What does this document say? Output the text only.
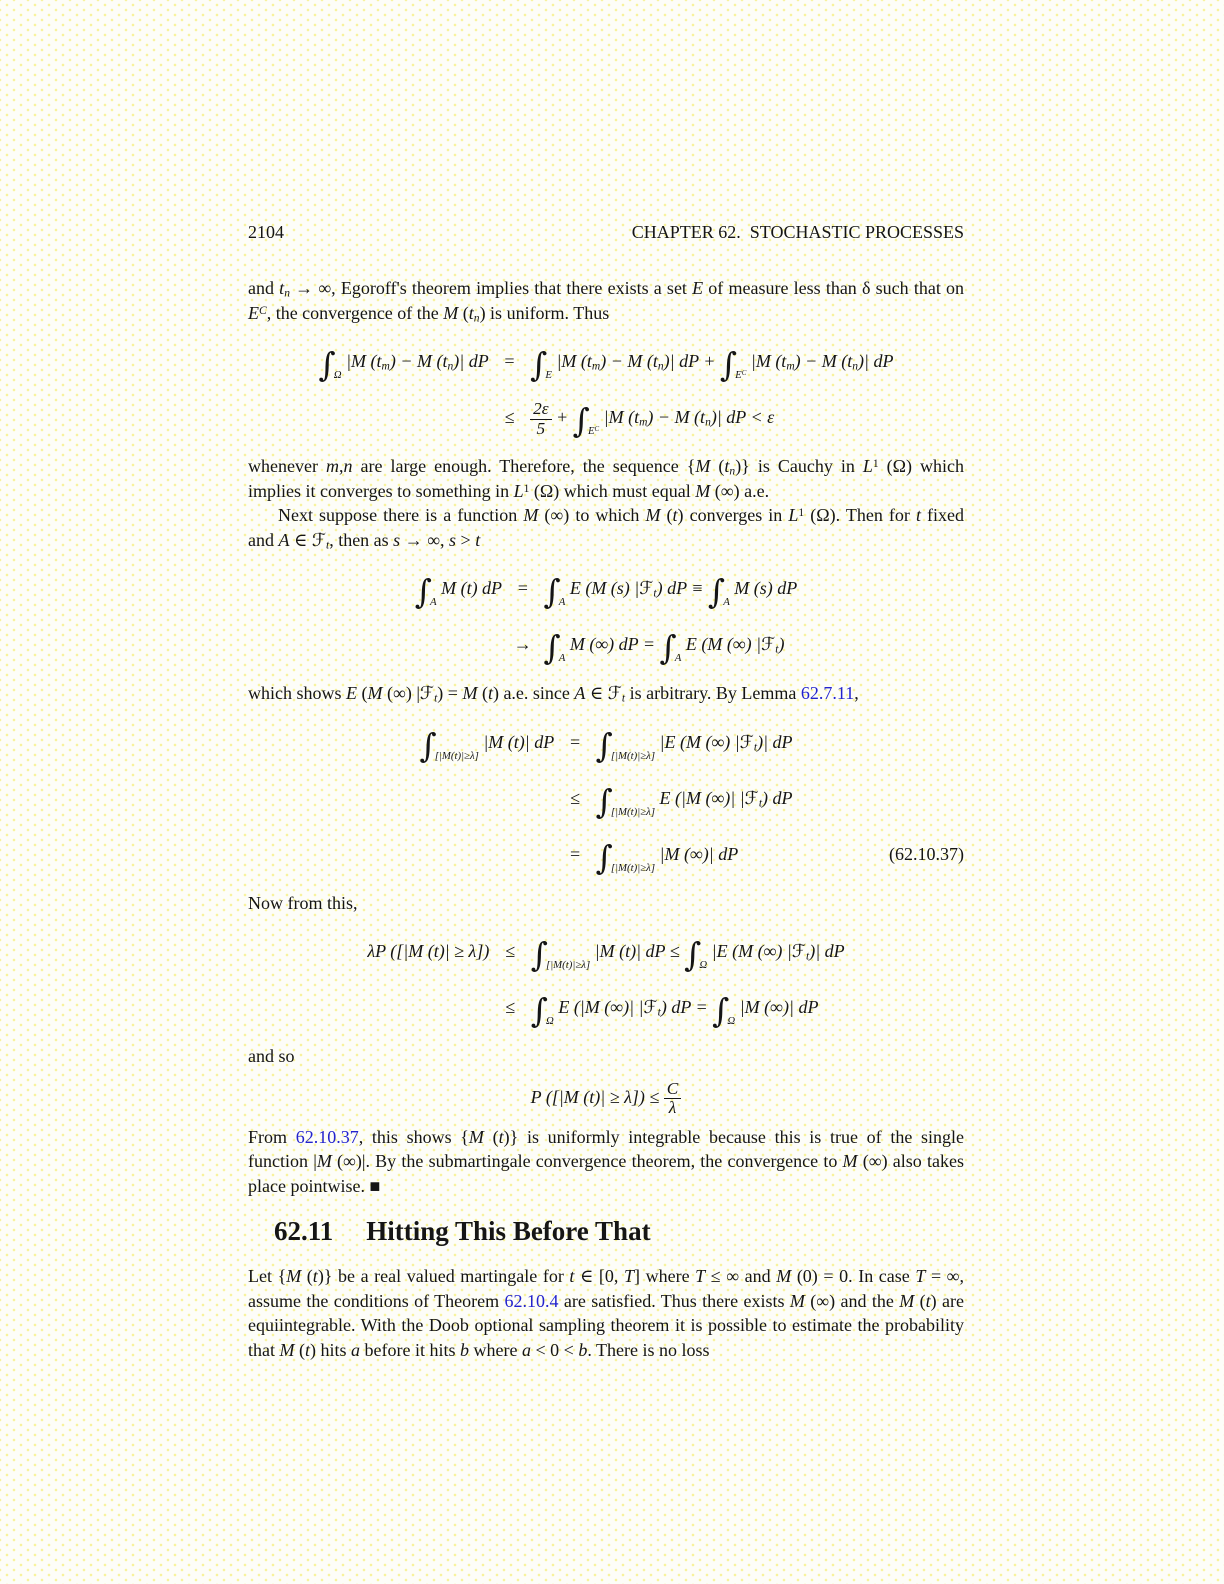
2104	CHAPTER 62.  STOCHASTIC PROCESSES

and $t_n$ → ∞, Egoroff's theorem implies that there exists a set E of measure less than δ such that on $E^C$, the convergence of the M $(t_n)$ is uniform. Thus

$\int_\Omega$ |M $(t_m) - M$ $(t_n)|$ dP = $\int_E$ |M $(t_m) - M$ $(t_n)|$ dP + $\int_{E^C}$ |M $(t_m) - M$ $(t_n)|$ dP
≤ $\frac{2\varepsilon}{5} + \int_{E^C}$ |M $(t_m) - M$ $(t_n)|$ dP < ε

whenever m,n are large enough. Therefore, the sequence {M $(t_n)$} is Cauchy in $L^1$ (Ω) which implies it converges to something in $L^1$ (Ω) which must equal M (∞) a.e.

Next suppose there is a function M (∞) to which M (t) converges in $L^1$ (Ω). Then for t fixed and A ∈ ℱ$_t$, then as s → ∞, s > t

$\int_A$ M (t) dP = $\int_A$ E (M (s) |ℱ$_t$) dP ≡ $\int_A$ M (s) dP
→ $\int_A$ M (∞) dP = $\int_A$ E (M (∞) |ℱ$_t$)

which shows E (M (∞) |ℱ$_t$) = M (t) a.e. since A ∈ ℱ$_t$ is arbitrary. By Lemma 62.7.11,

$\int_{[|M(t)|\ge\lambda]}$ |M (t)| dP = $\int_{[|M(t)|\ge\lambda]}$ |E (M (∞) |ℱ$_t$)| dP
≤ $\int_{[|M(t)|\ge\lambda]}$ E (|M (∞)| |ℱ$_t$) dP
= $\int_{[|M(t)|\ge\lambda]}$ |M (∞)| dP	(62.10.37)

Now from this,

λP ([|M $(t)| \ge \lambda]) \le \int_{[|M(t)|\ge\lambda]}$ |M (t)| dP ≤ $\int_\Omega$ |E (M (∞) |ℱ$_t$)| dP
≤ $\int_\Omega$ E (|M (∞)| |ℱ$_t$) dP = $\int_\Omega$ |M (∞)| dP

and so

P ([|M $(t)| \ge \lambda]) \le \frac{C}{\lambda}$

From 62.10.37, this shows {M (t)} is uniformly integrable because this is true of the single function |M (∞)|. By the submartingale convergence theorem, the convergence to M (∞) also takes place pointwise. ■

62.11 Hitting This Before That

Let {M (t)} be a real valued martingale for t ∈ [0, T] where T ≤ ∞ and M (0) = 0. In case T = ∞, assume the conditions of Theorem 62.10.4 are satisfied. Thus there exists M (∞) and the M (t) are equiintegrable. With the Doob optional sampling theorem it is possible to estimate the probability that M (t) hits a before it hits b where a < 0 < b. There is no loss
